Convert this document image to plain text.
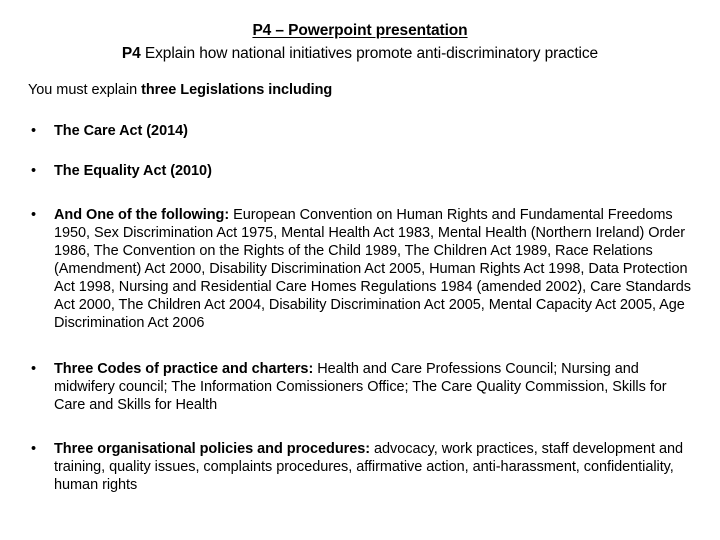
P4 – Powerpoint presentation
P4 Explain how national initiatives promote anti-discriminatory practice
You must explain three Legislations including
•	The Care Act (2014)
•	The Equality Act (2010)
•	And One of the following: European Convention on Human Rights and Fundamental Freedoms 1950, Sex Discrimination Act 1975, Mental Health Act 1983, Mental Health (Northern Ireland) Order 1986, The Convention on the Rights of the Child 1989, The Children Act 1989, Race Relations (Amendment) Act 2000, Disability Discrimination Act 2005, Human Rights Act 1998, Data Protection Act 1998, Nursing and Residential Care Homes Regulations 1984 (amended 2002), Care Standards Act 2000, The Children Act 2004, Disability Discrimination Act 2005, Mental Capacity Act 2005, Age Discrimination Act 2006
•	Three Codes of practice and charters: Health and Care Professions Council; Nursing and midwifery council; The Information Comissioners Office; The Care Quality Commission, Skills for Care and Skills for Health
•	Three organisational policies and procedures: advocacy, work practices, staff development and training, quality issues, complaints procedures, affirmative action, anti-harassment, confidentiality, human rights
